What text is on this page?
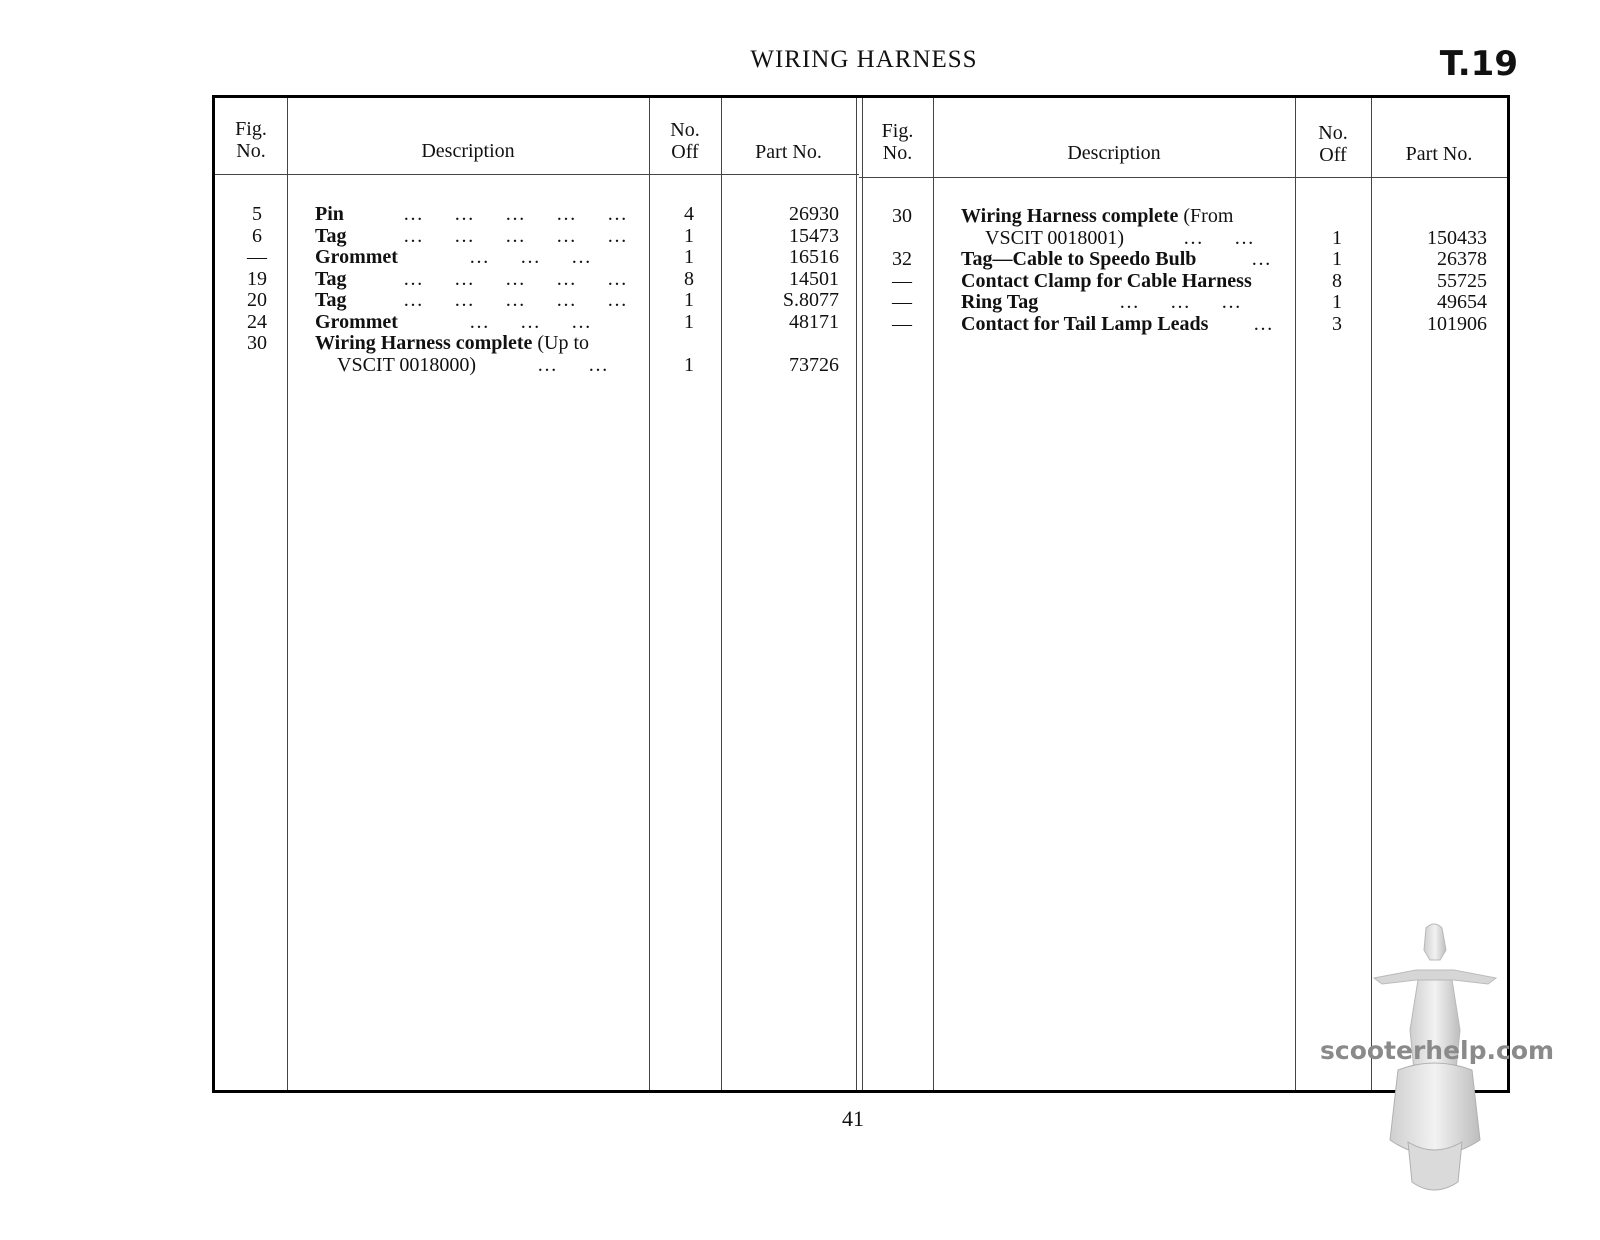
WIRING HARNESS	T.19
Fig.
No.	Description
No.
Off	Part No.
Fig.
No.	Description
No.
Off	Part No.
5	Pin	…     …     …     …     …	4	26930
6	Tag	…     …     …     …     …	1	15473
—	Grommet	…     …     …	1	16516
19	Tag	…     …     …     …     …	8	14501
20	Tag	…     …     …     …     …	1	S.8077
24	Grommet	…     …     …	1	48171
30	Wiring Harness complete (Up to
VSCIT 0018000)	…     …	1	73726
30	Wiring Harness complete (From
VSCIT 0018001)	…     …	1	150433
32	Tag—Cable to Speedo Bulb	…	1	26378
—	Contact Clamp for Cable Harness	8	55725
—	Ring Tag	…     …     …	1	49654
—	Contact for Tail Lamp Leads …	3	101906
41
scooterhelp.com
